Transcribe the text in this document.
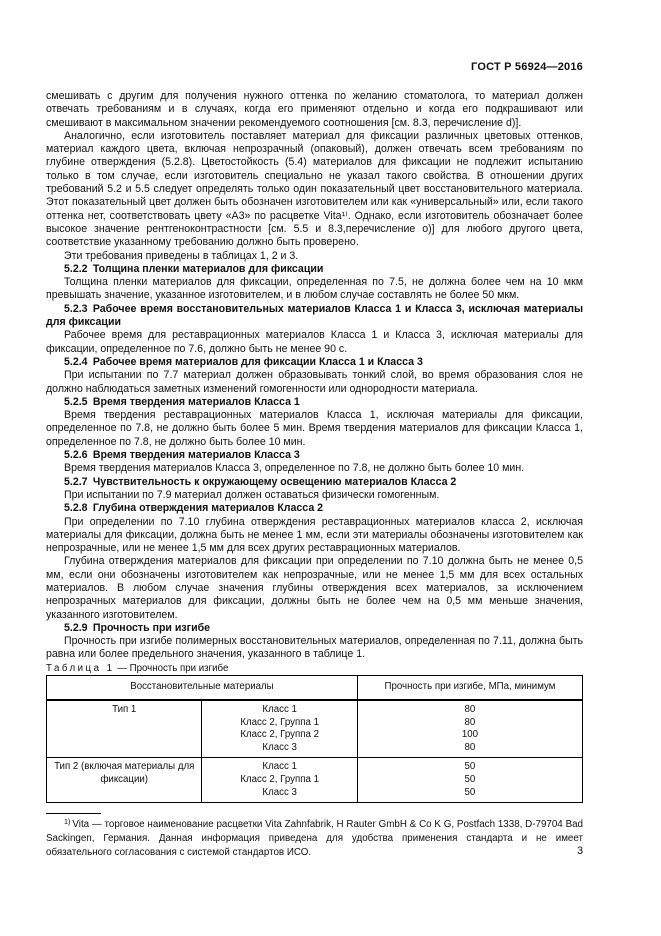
ГОСТ Р 56924—2016

смешивать с другим для получения нужного оттенка по желанию стоматолога, то материал должен отвечать требованиям и в случаях, когда его применяют отдельно и когда его подкрашивают или смешивают в максимальном значении рекомендуемого соотношения [см. 8.3, перечисление d)].

Аналогично, если изготовитель поставляет материал для фиксации различных цветовых оттенков, материал каждого цвета, включая непрозрачный (опаковый), должен отвечать всем требованиям по глубине отверждения (5.2.8). Цветостойкость (5.4) материалов для фиксации не подлежит испытанию только в том случае, если изготовитель специально не указал такого свойства. В отношении других требований 5.2 и 5.5 следует определять только один показательный цвет восстановительного материала. Этот показательный цвет должен быть обозначен изготовителем или как «универсальный» или, если такого оттенка нет, соответствовать цвету «А3» по расцветке Vita¹⁾. Однако, если изготовитель обозначает более высокое значение рентгеноконтрастности [см. 5.5 и 8.3,перечисление о)] для любого другого цвета, соответствие указанному требованию должно быть проверено.

Эти требования приведены в таблицах 1, 2 и 3.

5.2.2 Толщина пленки материалов для фиксации

Толщина пленки материалов для фиксации, определенная по 7.5, не должна более чем на 10 мкм превышать значение, указанное изготовителем, и в любом случае составлять не более 50 мкм.

5.2.3 Рабочее время восстановительных материалов Класса 1 и Класса 3, исключая материалы для фиксации

Рабочее время для реставрационных материалов Класса 1 и Класса 3, исключая материалы для фиксации, определенное по 7.6, должно быть не менее 90 с.

5.2.4 Рабочее время материалов для фиксации Класса 1 и Класса 3

При испытании по 7.7 материал должен образовывать тонкий слой, во время образования слоя не должно наблюдаться заметных изменений гомогенности или однородности материала.

5.2.5 Время твердения материалов Класса 1

Время твердения реставрационных материалов Класса 1, исключая материалы для фиксации, определенное по 7.8, не должно быть более 5 мин. Время твердения материалов для фиксации Класса 1, определенное по 7.8, не должно быть более 10 мин.

5.2.6 Время твердения материалов Класса 3

Время твердения материалов Класса 3, определенное по 7.8, не должно быть более 10 мин.

5.2.7 Чувствительность к окружающему освещению материалов Класса 2

При испытании по 7.9 материал должен оставаться физически гомогенным.

5.2.8 Глубина отверждения материалов Класса 2

При определении по 7.10 глубина отверждения реставрационных материалов класса 2, исключая материалы для фиксации, должна быть не менее 1 мм, если эти материалы обозначены изготовителем как непрозрачные, или не менее 1,5 мм для всех других реставрационных материалов.

Глубина отверждения материалов для фиксации при определении по 7.10 должна быть не менее 0,5 мм, если они обозначены изготовителем как непрозрачные, или не менее 1,5 мм для всех остальных материалов. В любом случае значения глубины отверждения всех материалов, за исключением непрозрачных материалов для фиксации, должны быть не более чем на 0,5 мм меньше значения, указанного изготовителем.

5.2.9 Прочность при изгибе

Прочность при изгибе полимерных восстановительных материалов, определенная по 7.11, должна быть равна или более предельного значения, указанного в таблице 1.

Таблица 1 — Прочность при изгибе

Восстановительные материалы		Прочность при изгибе, МПа, минимум
Тип 1	Класс 1	80
	Класс 2, Группа 1	80
	Класс 2, Группа 2	100
	Класс 3	80
Тип 2 (включая материалы для фиксации)	Класс 1	50
	Класс 2, Группа 1	50
	Класс 3	50

$^{1)}$ Vita — торговое наименование расцветки Vita Zahnfabrik, H Rauter GmbH & Co K G, Postfach 1338, D-79704 Bad Sackingen, Германия. Данная информация приведена для удобства применения стандарта и не имеет обязательного согласования с системой стандартов ИСО.	3
